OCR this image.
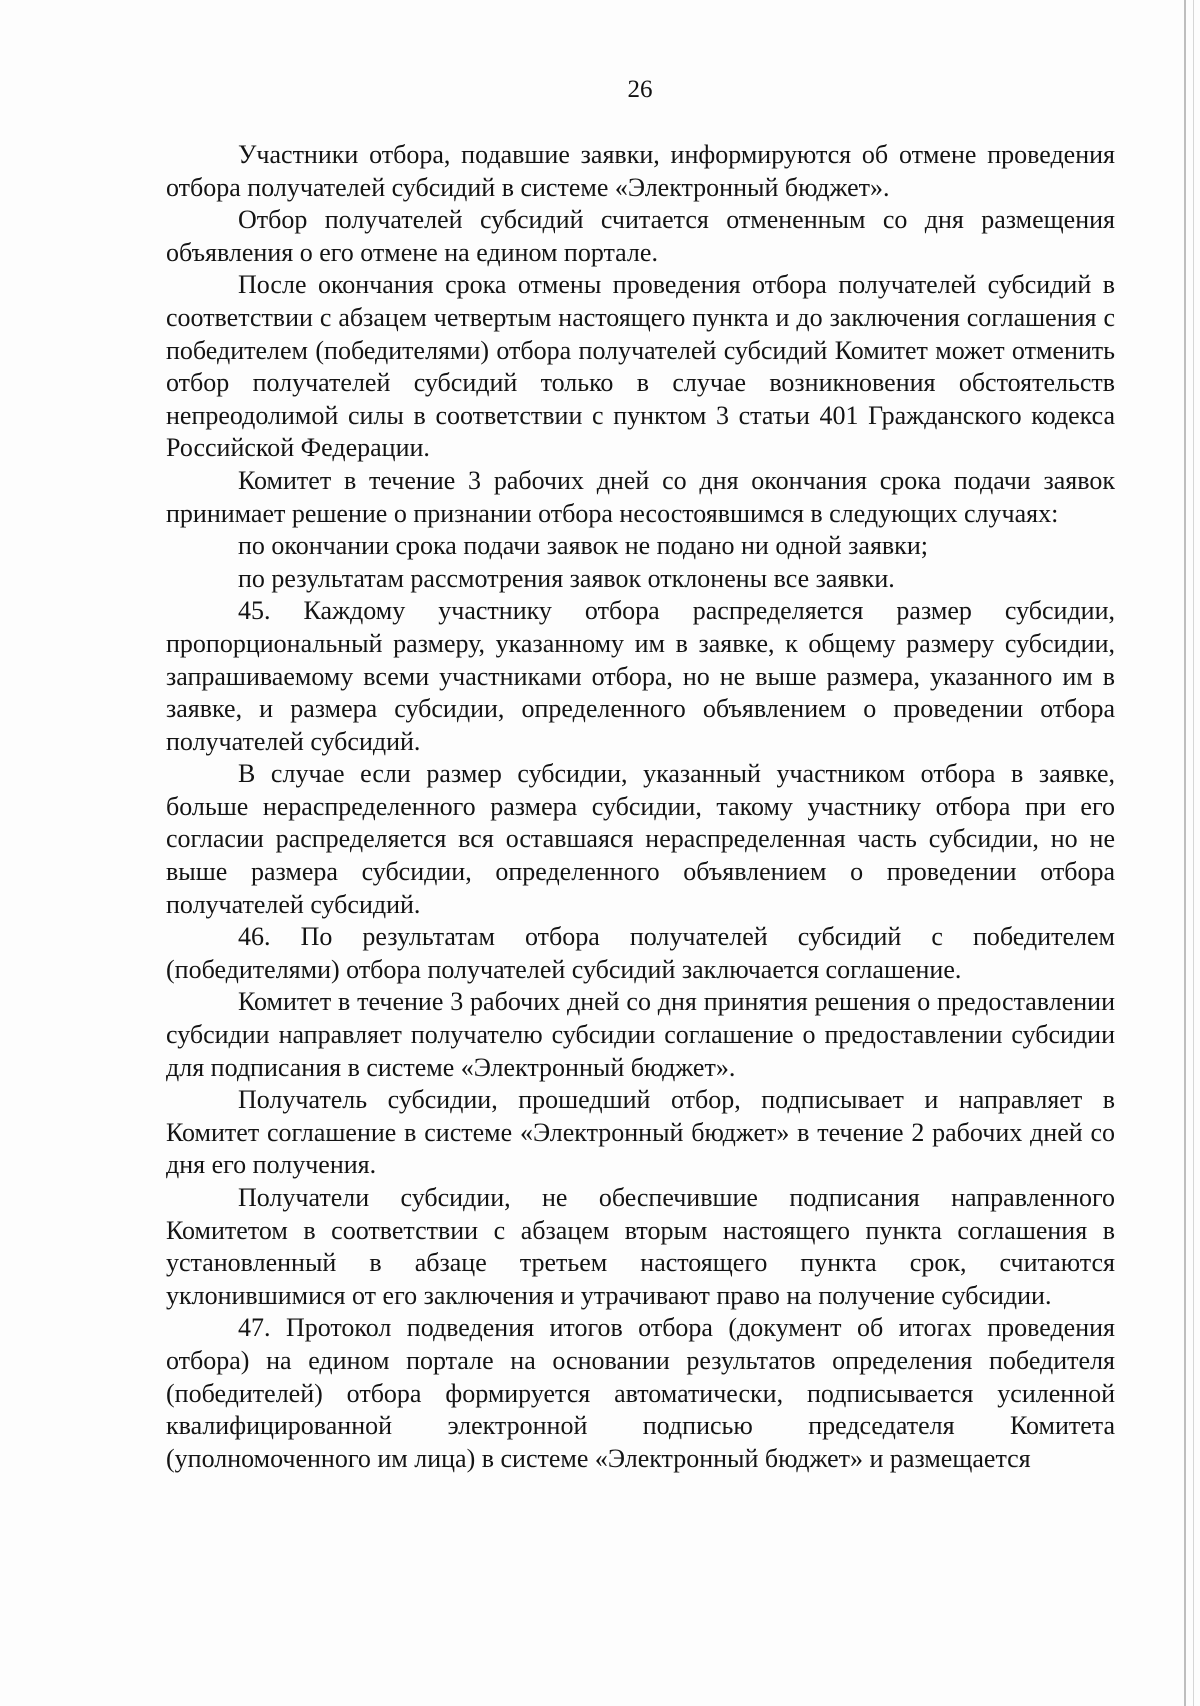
26

Участники отбора, подавшие заявки, информируются об отмене проведения отбора получателей субсидий в системе «Электронный бюджет».

Отбор получателей субсидий считается отмененным со дня размещения объявления о его отмене на едином портале.

После окончания срока отмены проведения отбора получателей субсидий в соответствии с абзацем четвертым настоящего пункта и до заключения соглашения с победителем (победителями) отбора получателей субсидий Комитет может отменить отбор получателей субсидий только в случае возникновения обстоятельств непреодолимой силы в соответствии с пунктом 3 статьи 401 Гражданского кодекса Российской Федерации.

Комитет в течение 3 рабочих дней со дня окончания срока подачи заявок принимает решение о признании отбора несостоявшимся в следующих случаях:

по окончании срока подачи заявок не подано ни одной заявки;

по результатам рассмотрения заявок отклонены все заявки.

45. Каждому участнику отбора распределяется размер субсидии, пропорциональный размеру, указанному им в заявке, к общему размеру субсидии, запрашиваемому всеми участниками отбора, но не выше размера, указанного им в заявке, и размера субсидии, определенного объявлением о проведении отбора получателей субсидий.

В случае если размер субсидии, указанный участником отбора в заявке, больше нераспределенного размера субсидии, такому участнику отбора при его согласии распределяется вся оставшаяся нераспределенная часть субсидии, но не выше размера субсидии, определенного объявлением о проведении отбора получателей субсидий.

46. По результатам отбора получателей субсидий с победителем (победителями) отбора получателей субсидий заключается соглашение.

Комитет в течение 3 рабочих дней со дня принятия решения о предоставлении субсидии направляет получателю субсидии соглашение о предоставлении субсидии для подписания в системе «Электронный бюджет».

Получатель субсидии, прошедший отбор, подписывает и направляет в Комитет соглашение в системе «Электронный бюджет» в течение 2 рабочих дней со дня его получения.

Получатели субсидии, не обеспечившие подписания направленного Комитетом в соответствии с абзацем вторым настоящего пункта соглашения в установленный в абзаце третьем настоящего пункта срок, считаются уклонившимися от его заключения и утрачивают право на получение субсидии.

47. Протокол подведения итогов отбора (документ об итогах проведения отбора) на едином портале на основании результатов определения победителя (победителей) отбора формируется автоматически, подписывается усиленной квалифицированной электронной подписью председателя Комитета (уполномоченного им лица) в системе «Электронный бюджет» и размещается
